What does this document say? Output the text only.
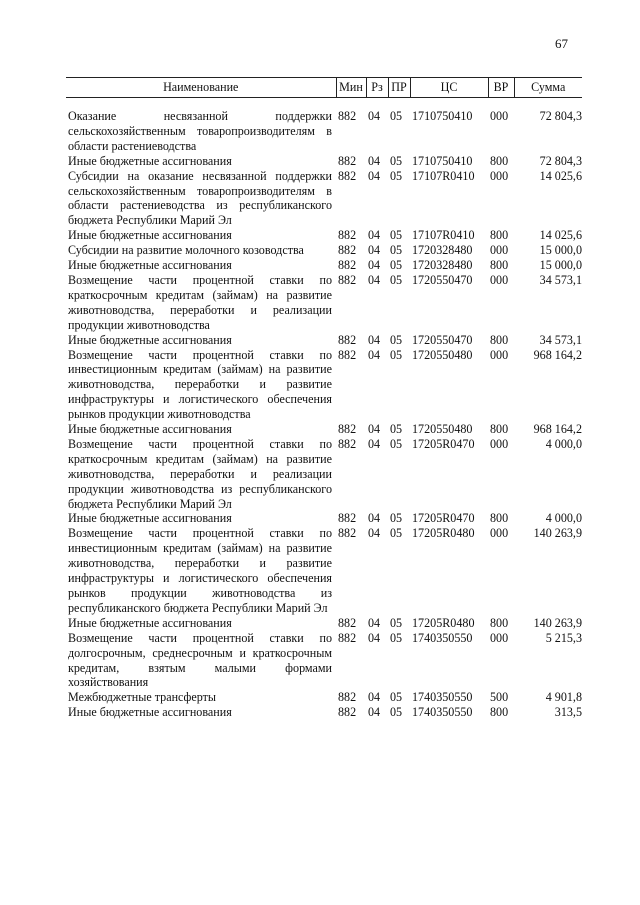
67
Наименование	Мин	Рз	ПР	ЦС	ВР	Сумма
Оказание несвязанной поддержки сельскохозяйственным товаропроизводителям в области растениеводства	882	04	05	1710750410	000	72 804,3
Иные бюджетные ассигнования	882	04	05	1710750410	800	72 804,3
Субсидии на оказание несвязанной поддержки сельскохозяйственным товаропроизводителям в области растениеводства из республиканского бюджета Республики Марий Эл	882	04	05	17107R0410	000	14 025,6
Иные бюджетные ассигнования	882	04	05	17107R0410	800	14 025,6
Субсидии на развитие молочного козоводства	882	04	05	1720328480	000	15 000,0
Иные бюджетные ассигнования	882	04	05	1720328480	800	15 000,0
Возмещение части процентной ставки по краткосрочным кредитам (займам) на развитие животноводства, переработки и реализации продукции животноводства	882	04	05	1720550470	000	34 573,1
Иные бюджетные ассигнования	882	04	05	1720550470	800	34 573,1
Возмещение части процентной ставки по инвестиционным кредитам (займам) на развитие животноводства, переработки и развитие инфраструктуры и логистического обеспечения рынков продукции животноводства	882	04	05	1720550480	000	968 164,2
Иные бюджетные ассигнования	882	04	05	1720550480	800	968 164,2
Возмещение части процентной ставки по краткосрочным кредитам (займам) на развитие животноводства, переработки и реализации продукции животноводства из республиканского бюджета Республики Марий Эл	882	04	05	17205R0470	000	4 000,0
Иные бюджетные ассигнования	882	04	05	17205R0470	800	4 000,0
Возмещение части процентной ставки по инвестиционным кредитам (займам) на развитие животноводства, переработки и развитие инфраструктуры и логистического обеспечения рынков продукции животноводства из республиканского бюджета Республики Марий Эл	882	04	05	17205R0480	000	140 263,9
Иные бюджетные ассигнования	882	04	05	17205R0480	800	140 263,9
Возмещение части процентной ставки по долгосрочным, среднесрочным и краткосрочным кредитам, взятым малыми формами хозяйствования	882	04	05	1740350550	000	5 215,3
Межбюджетные трансферты	882	04	05	1740350550	500	4 901,8
Иные бюджетные ассигнования	882	04	05	1740350550	800	313,5
